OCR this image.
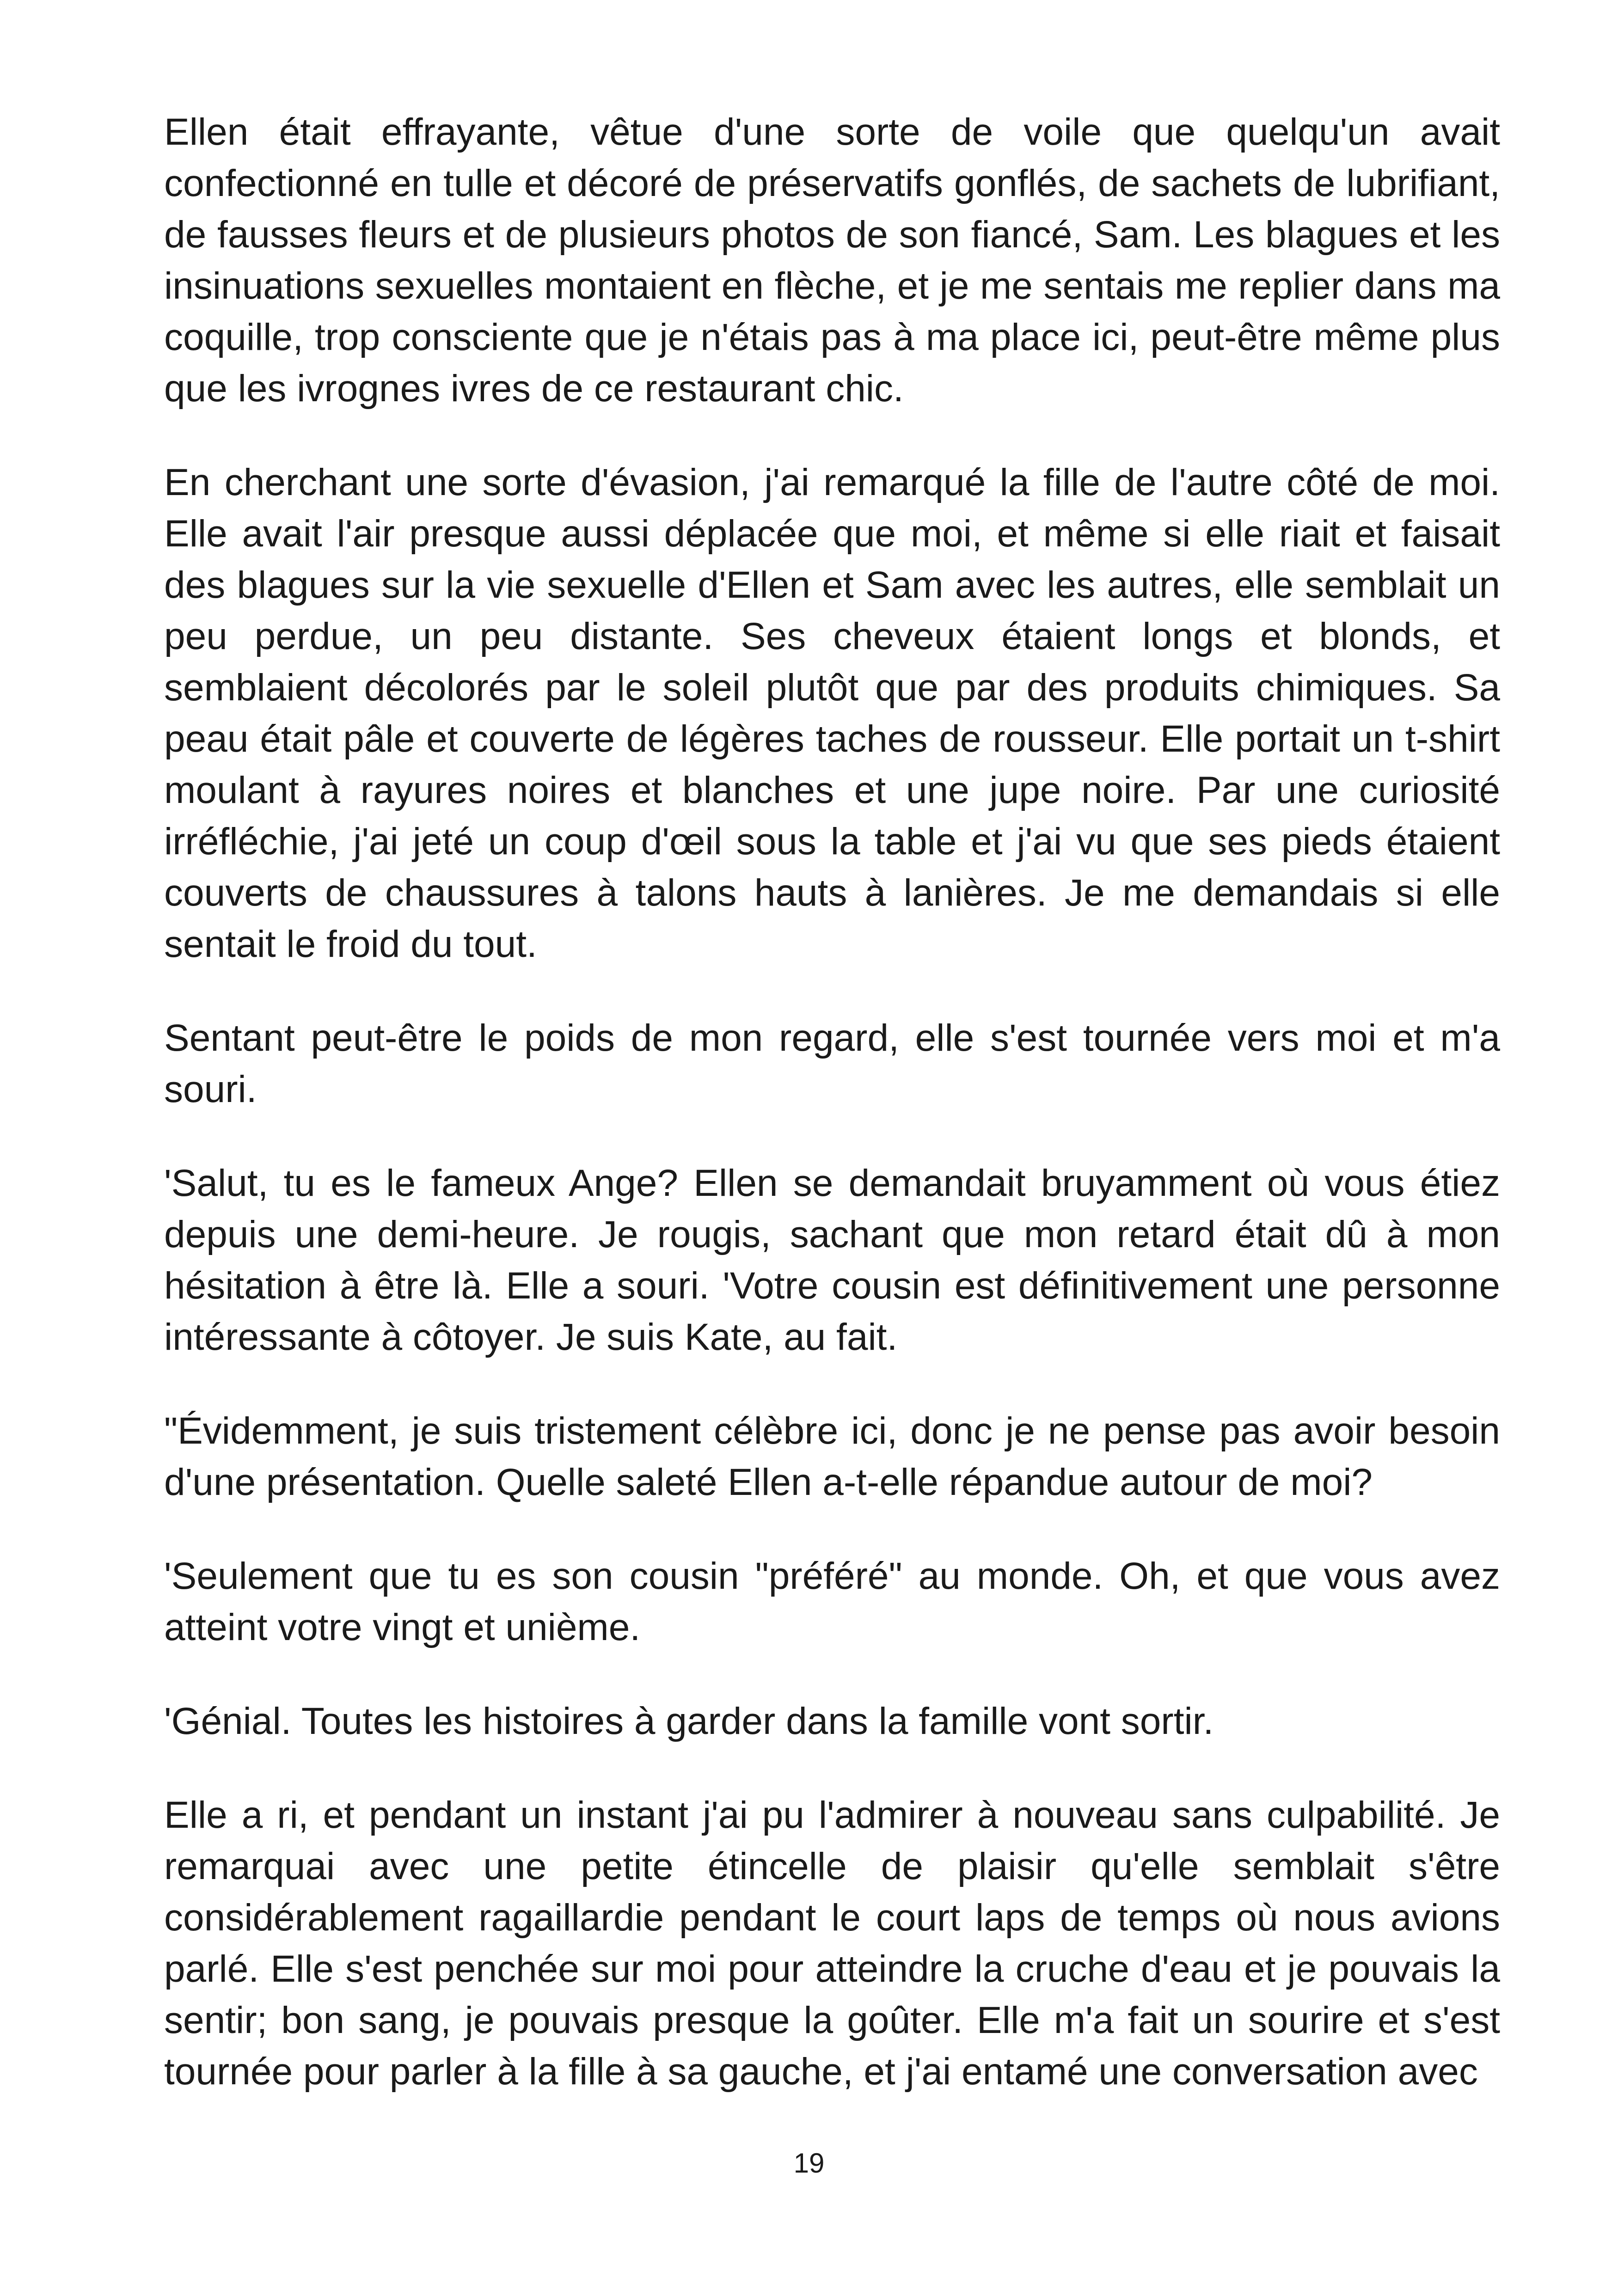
Ellen était effrayante, vêtue d'une sorte de voile que quelqu'un avait confectionné en tulle et décoré de préservatifs gonflés, de sachets de lubrifiant, de fausses fleurs et de plusieurs photos de son fiancé, Sam. Les blagues et les insinuations sexuelles montaient en flèche, et je me sentais me replier dans ma coquille, trop consciente que je n'étais pas à ma place ici, peut-être même plus que les ivrognes ivres de ce restaurant chic.

En cherchant une sorte d'évasion, j'ai remarqué la fille de l'autre côté de moi. Elle avait l'air presque aussi déplacée que moi, et même si elle riait et faisait des blagues sur la vie sexuelle d'Ellen et Sam avec les autres, elle semblait un peu perdue, un peu distante. Ses cheveux étaient longs et blonds, et semblaient décolorés par le soleil plutôt que par des produits chimiques. Sa peau était pâle et couverte de légères taches de rousseur. Elle portait un t-shirt moulant à rayures noires et blanches et une jupe noire. Par une curiosité irréfléchie, j'ai jeté un coup d'œil sous la table et j'ai vu que ses pieds étaient couverts de chaussures à talons hauts à lanières. Je me demandais si elle sentait le froid du tout.

Sentant peut-être le poids de mon regard, elle s'est tournée vers moi et m'a souri.

'Salut, tu es le fameux Ange? Ellen se demandait bruyamment où vous étiez depuis une demi-heure. Je rougis, sachant que mon retard était dû à mon hésitation à être là. Elle a souri. 'Votre cousin est définitivement une personne intéressante à côtoyer. Je suis Kate, au fait.

"Évidemment, je suis tristement célèbre ici, donc je ne pense pas avoir besoin d'une présentation. Quelle saleté Ellen a-t-elle répandue autour de moi?

'Seulement que tu es son cousin "préféré" au monde. Oh, et que vous avez atteint votre vingt et unième.

'Génial. Toutes les histoires à garder dans la famille vont sortir.

Elle a ri, et pendant un instant j'ai pu l'admirer à nouveau sans culpabilité. Je remarquai avec une petite étincelle de plaisir qu'elle semblait s'être considérablement ragaillardie pendant le court laps de temps où nous avions parlé. Elle s'est penchée sur moi pour atteindre la cruche d'eau et je pouvais la sentir; bon sang, je pouvais presque la goûter. Elle m'a fait un sourire et s'est tournée pour parler à la fille à sa gauche, et j'ai entamé une conversation avec

19
